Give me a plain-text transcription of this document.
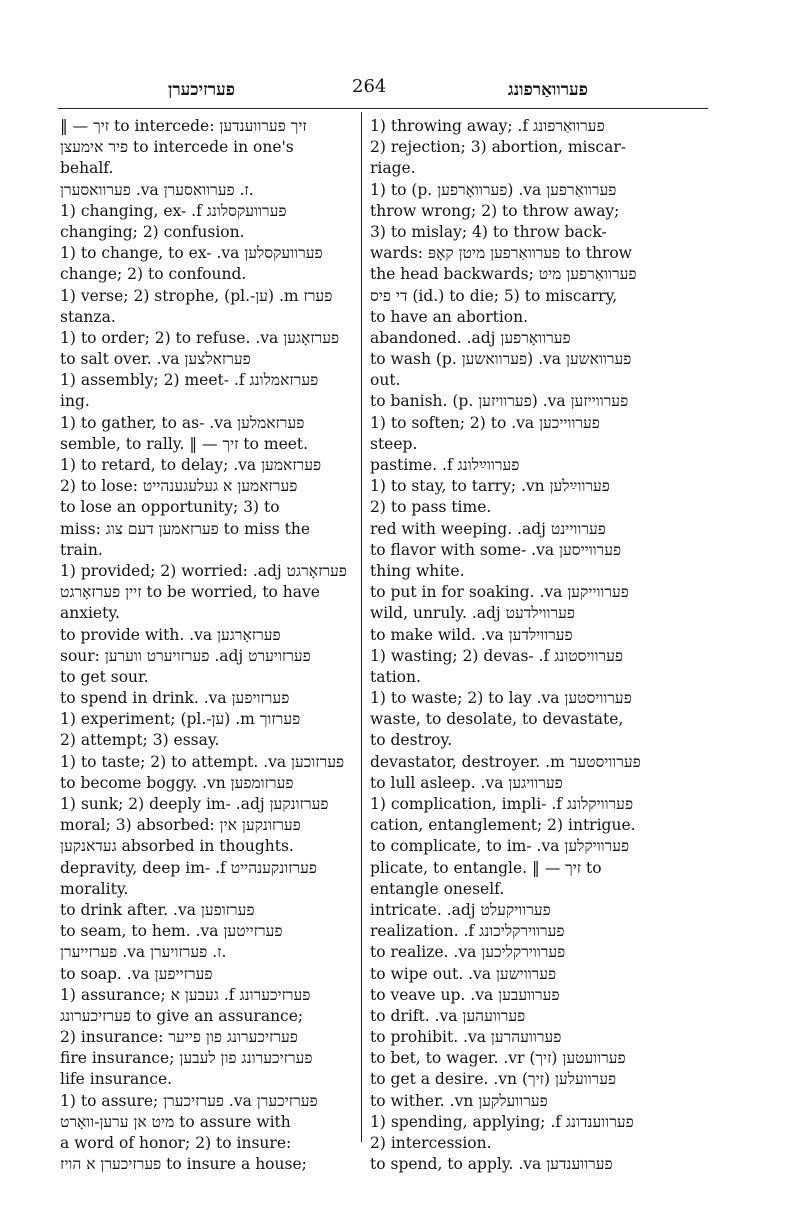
פערזיכערן	264	פערוואַרפונג
‖ — זיך to intercede: זיך פערווענדען
פיר אימעצן to intercede in one's
behalf.
פערוואסערן .va ז. פערוואסערן.
1) changing, ex- .f פערוועקסלונג
changing; 2) confusion.
1) to change, to ex- .va פערוועקסלען
change; 2) to confound.
1) verse; 2) strophe, (pl.-ען) .m פערז
stanza.
1) to order; 2) to refuse. .va פערזאָגען
to salt over. .va פערזאלצען
1) assembly; 2) meet- .f פערזאמלונג
ing.
1) to gather, to as- .va פערזאמלען
semble, to rally. ‖ — זיך to meet.
1) to retard, to delay; .va פערזאמען
2) to lose: פערזאמען א געלעגענהייט
to lose an opportunity; 3) to
miss: פערזאמען דעם צוג to miss the
train.
1) provided; 2) worried: .adj פערזאָרגט
זיין פערזאָרגט to be worried, to have
anxiety.
to provide with. .va פערזאָרגען
sour: פערזויערט ווערען .adj פערזויערט
to get sour.
to spend in drink. .va פערזויפען
1) experiment; (pl.-ען) .m פערזוך
2) attempt; 3) essay.
1) to taste; 2) to attempt. .va פערזוכען
to become boggy. .vn פערזומפען
1) sunk; 2) deeply im- .adj פערזונקען
moral; 3) absorbed: פערזונקען אין
געדאנקען absorbed in thoughts.
depravity, deep im- .f פערזונקענהייט
morality.
to drink after. .va פערזופען
to seam, to hem. .va פערזייטען
פערזייערן .va ז. פערזויערן.
to soap. .va פערזייפען
1) assurance; געבען א .f פערזיכערונג
פערזיכערונג to give an assurance;
2) insurance: פערזיכערונג פון פייער
fire insurance; פערזיכערונג פון לעבען
life insurance.
1) to assure; פערזיכערן .va פערזיכערן
מיט אן ערען-וואָרט to assure with
a word of honor; 2) to insure:
פערזיכערן א הויז to insure a house;
1) throwing away; .f פערוואַרפונג
2) rejection; 3) abortion, miscar-
riage.
1) to (p. פערוואָרפען) .va פערוואַרפען
throw wrong; 2) to throw away;
3) to mislay; 4) to throw back-
wards: פערוואַרפען מיטן קאָפּ to throw
the head backwards; פערוואַרפען מיט
די פיס (id.) to die; 5) to miscarry,
to have an abortion.
abandoned. .adj פערוואָרפען
to wash (p. פערוואשען) .va פערוואשען
out.
to banish. (p. פערוויזען) .va פערווייזען
1) to soften; 2) to .va פערווייכען
steep.
pastime. .f פערווײַלונג
1) to stay, to tarry; .vn פערווײַלען
2) to pass time.
red with weeping. .adj פערוויינט
to flavor with some- .va פערווייסען
thing white.
to put in for soaking. .va פערווייקען
wild, unruly. .adj פערווילדעט
to make wild. .va פערווילדען
1) wasting; 2) devas- .f פערוויסטונג
tation.
1) to waste; 2) to lay .va פערוויסטען
waste, to desolate, to devastate,
to destroy.
devastator, destroyer. .m פערוויסטער
to lull asleep. .va פערוויגען
1) complication, impli- .f פערוויקלונג
cation, entanglement; 2) intrigue.
to complicate, to im- .va פערוויקלען
plicate, to entangle. ‖ — זיך to
entangle oneself.
intricate. .adj פערוויקעלט
realization. .f פערווירקליכונג
to realize. .va פערווירקליכען
to wipe out. .va פערווישען
to veave up. .va פערוועבען
to drift. .va פערוועהען
to prohibit. .va פערוועהרען
to bet, to wager. .vr (זיך) פערוועטען
to get a desire. .vn (זיך) פערוועלען
to wither. .vn פערוועלקען
1) spending, applying; .f פערווענדונג
2) intercession.
to spend, to apply. .va פערווענדען
